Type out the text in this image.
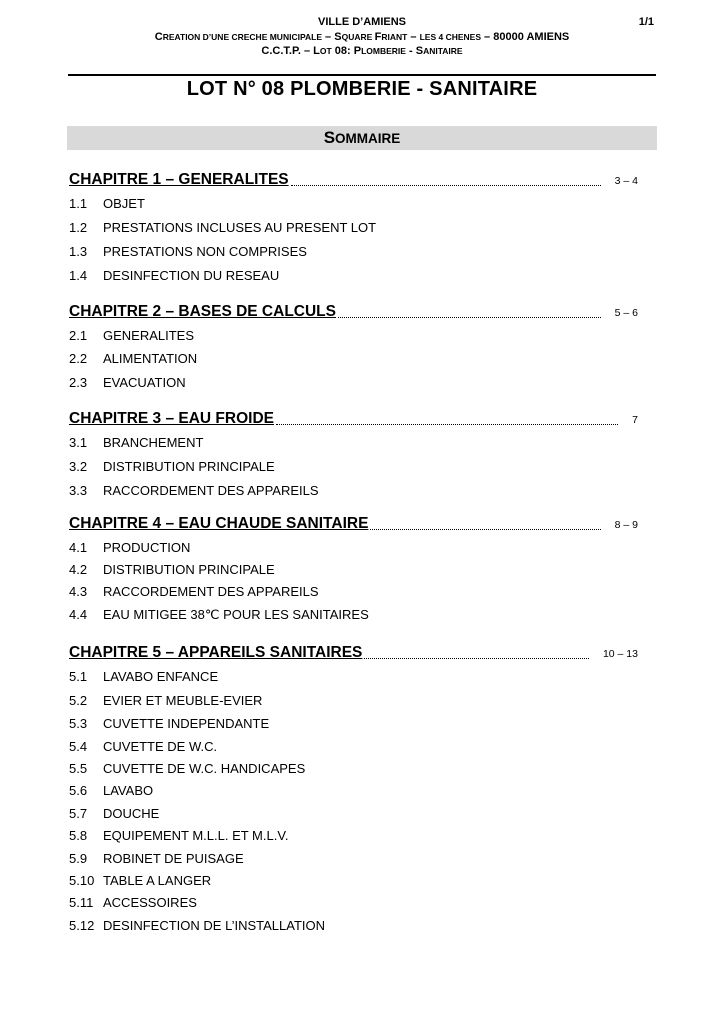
VILLE D’AMIENS	1/1
CREATION D’UNE CRECHE MUNICIPALE – SQUARE FRIANT – LES 4 CHENES – 80000 AMIENS
C.C.T.P. – LOT 08: PLOMBERIE - SANITAIRE
LOT N° 08 PLOMBERIE - SANITAIRE
SOMMAIRE
CHAPITRE 1 – GENERALITES	3 – 4
1.1 OBJET
1.2 PRESTATIONS INCLUSES AU PRESENT LOT
1.3 PRESTATIONS NON COMPRISES
1.4 DESINFECTION DU RESEAU
CHAPITRE 2 – BASES DE CALCULS	5 – 6
2.1 GENERALITES
2.2 ALIMENTATION
2.3 EVACUATION
CHAPITRE 3 – EAU FROIDE	7
3.1 BRANCHEMENT
3.2 DISTRIBUTION PRINCIPALE
3.3 RACCORDEMENT DES APPAREILS
CHAPITRE 4 – EAU CHAUDE SANITAIRE	8 – 9
4.1 PRODUCTION
4.2 DISTRIBUTION PRINCIPALE
4.3 RACCORDEMENT DES APPAREILS
4.4 EAU MITIGEE 38℃ POUR LES SANITAIRES
CHAPITRE 5 – APPAREILS SANITAIRES	10 – 13
5.1 LAVABO ENFANCE
5.2 EVIER ET MEUBLE-EVIER
5.3 CUVETTE INDEPENDANTE
5.4 CUVETTE DE W.C.
5.5 CUVETTE DE W.C. HANDICAPES
5.6 LAVABO
5.7 DOUCHE
5.8 EQUIPEMENT M.L.L. ET M.L.V.
5.9 ROBINET DE PUISAGE
5.10 TABLE A LANGER
5.11 ACCESSOIRES
5.12 DESINFECTION DE L’INSTALLATION
